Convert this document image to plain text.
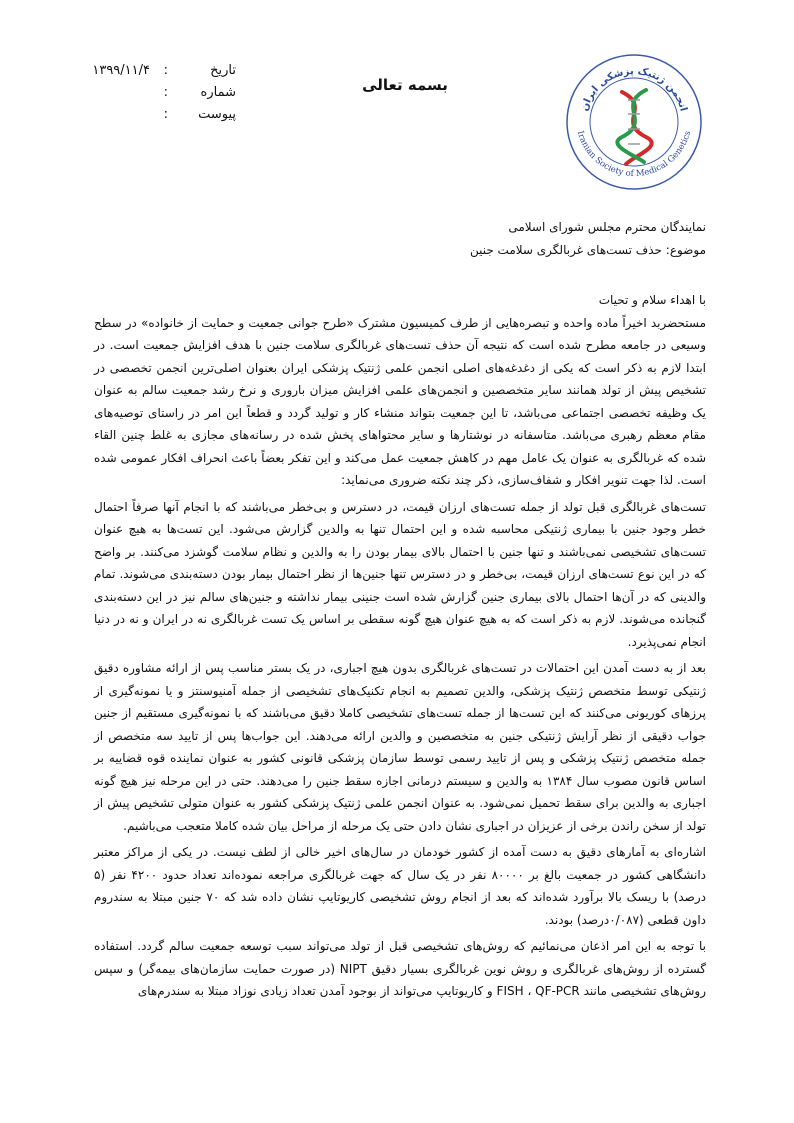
تاریخ
:
۱۳۹۹/۱۱/۴
شماره
:
پیوست
:
بسمه تعالی
انجمن ژنتیک پزشکی ایران
Iranian Society of Medical Genetics

نمایندگان محترم مجلس شورای اسلامی

موضوع: حذف تست‌های غربالگری سلامت جنین

با اهداء سلام و تحیات

مستحضربد اخیراً ماده واحده و تبصره‌هایی از طرف کمیسیون مشترک «طرح جوانی جمعیت و حمایت از خانواده» در سطح وسیعی در جامعه مطرح شده است که نتیجه آن حذف تست‌های غربالگری سلامت جنین با هدف افزایش جمعیت است. در ابتدا لازم به ذکر است که یکی از دغدغه‌های اصلی انجمن علمی ژنتیک پزشکی ایران بعنوان اصلی‌ترین انجمن تخصصی در تشخیص پیش از تولد همانند سایر متخصصین و انجمن‌های علمی افزایش میزان باروری و نرخ رشد جمعیت سالم به عنوان یک وظیفه تخصصی اجتماعی می‌باشد، تا این جمعیت بتواند منشاء کار و تولید گردد و قطعاً این امر در راستای توصیه‌های مقام معظم رهبری می‌باشد. متاسفانه در نوشتارها و سایر محتواهای پخش شده در رسانه‌های مجازی به غلط چنین القاء شده که غربالگری به عنوان یک عامل مهم در کاهش جمعیت عمل می‌کند و این تفکر بعضاً باعث انحراف افکار عمومی شده است. لذا جهت تنویر افکار و شفاف‌سازی، ذکر چند نکته ضروری می‌نماید:

تست‌های غربالگری قبل تولد از جمله تست‌های ارزان قیمت، در دسترس و بی‌خطر می‌باشند که با انجام آنها صرفاً احتمال خطر وجود جنین با بیماری ژنتیکی محاسبه شده و این احتمال تنها به والدین گزارش می‌شود. این تست‌ها به هیچ عنوان تست‌های تشخیصی نمی‌باشند و تنها جنین با احتمال بالای بیمار بودن را به والدین و نظام سلامت گوشزد می‌کنند. بر واضح که در این نوع تست‌های ارزان قیمت، بی‌خطر و در دسترس تنها جنین‌ها از نظر احتمال بیمار بودن دسته‌بندی می‌شوند. تمام والدینی که در آن‌ها احتمال بالای بیماری جنین گزارش شده است جنینی بیمار نداشته و جنین‌های سالم نیز در این دسته‌بندی گنجانده می‌شوند. لازم به ذکر است که به هیچ عنوان هیچ گونه سقطی بر اساس یک تست غربالگری نه در ایران و نه در دنیا انجام نمی‌پذیرد.

بعد از به دست آمدن این احتمالات در تست‌های غربالگری بدون هیچ اجباری، در یک بستر مناسب پس از ارائه مشاوره دقیق ژنتیکی توسط متخصص ژنتیک پزشکی، والدین تصمیم به انجام تکنیک‌های تشخیصی از جمله آمنیوسنتز و یا نمونه‌گیری از پرزهای کوریونی می‌کنند که این تست‌ها از جمله تست‌های تشخیصی کاملا دقیق می‌باشند که با نمونه‌گیری مستقیم از جنین جواب دقیقی از نظر آرایش ژنتیکی جنین به متخصصین و والدین ارائه می‌دهند. این جواب‌ها پس از تایید سه متخصص از جمله متخصص ژنتیک پزشکی و پس از تایید رسمی توسط سازمان پزشکی قانونی کشور به عنوان نماینده قوه قضاییه بر اساس قانون مصوب سال ۱۳۸۴ به والدین و سیستم درمانی اجازه سقط جنین را می‌دهند. حتی در این مرحله نیز هیچ گونه اجباری به والدین برای سقط تحمیل نمی‌شود. به عنوان انجمن علمی ژنتیک پزشکی کشور به عنوان متولی تشخیص پیش از تولد از سخن راندن برخی از عزیزان در اجباری نشان دادن حتی یک مرحله از مراحل بیان شده کاملا متعجب می‌باشیم.

اشاره‌ای به آمارهای دقیق به دست آمده از کشور خودمان در سال‌های اخیر خالی از لطف نیست. در یکی از مراکز معتبر دانشگاهی کشور در جمعیت بالغ بر ۸۰۰۰۰ نفر در یک سال که جهت غربالگری مراجعه نموده‌اند تعداد حدود ۴۲۰۰ نفر (۵ درصد) با ریسک بالا برآورد شده‌اند که بعد از انجام روش تشخیصی کاریوتایپ نشان داده شد که ۷۰ جنین مبتلا به سندروم داون قطعی (۰/۰۸۷درصد) بودند.

با توجه به این امر اذعان می‌نمائیم که روش‌های تشخیصی قبل از تولد می‌تواند سبب توسعه جمعیت سالم گردد. استفاده گسترده از روش‌های غربالگری و روش نوین غربالگری بسیار دقیق NIPT (در صورت حمایت سازمان‌های بیمه‌گر) و سپس روش‌های تشخیصی مانند FISH ، QF-PCR و کاریوتایپ می‌تواند از بوجود آمدن تعداد زیادی نوزاد مبتلا به سندرم‌های
